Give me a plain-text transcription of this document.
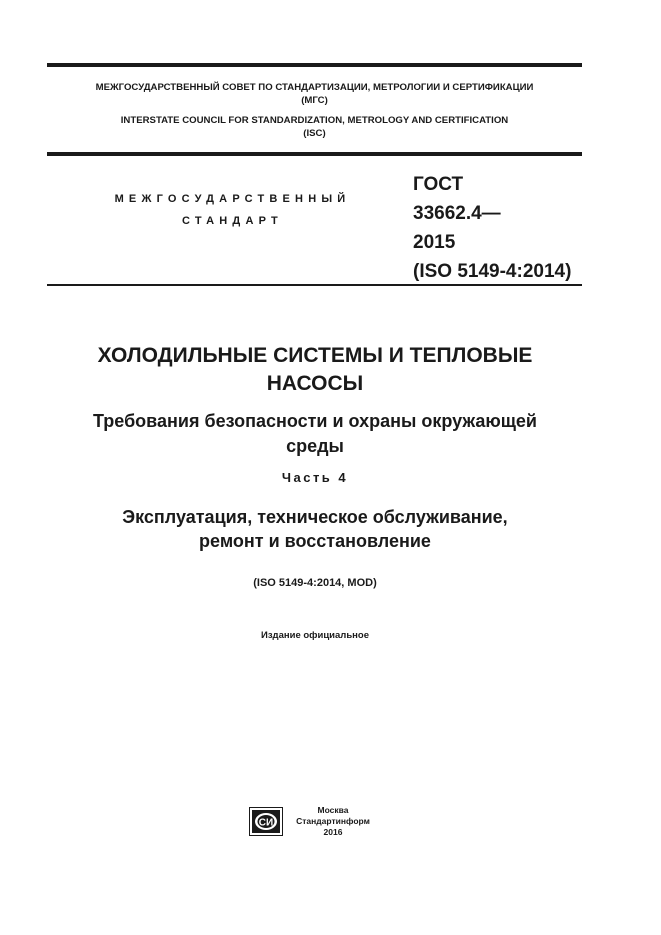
МЕЖГОСУДАРСТВЕННЫЙ СОВЕТ ПО СТАНДАРТИЗАЦИИ, МЕТРОЛОГИИ И СЕРТИФИКАЦИИ
(МГС)
INTERSTATE COUNCIL FOR STANDARDIZATION, METROLOGY AND CERTIFICATION
(ISC)
МЕЖГОСУДАРСТВЕННЫЙ
СТАНДАРТ
ГОСТ
33662.4—
2015
(ISO 5149-4:2014)
ХОЛОДИЛЬНЫЕ СИСТЕМЫ И ТЕПЛОВЫЕ
НАСОСЫ
Требования безопасности и охраны окружающей
среды
Часть 4
Эксплуатация, техническое обслуживание,
ремонт и восстановление
(ISO 5149-4:2014, MOD)
Издание официальное
СИ
Москва
Стандартинформ
2016
